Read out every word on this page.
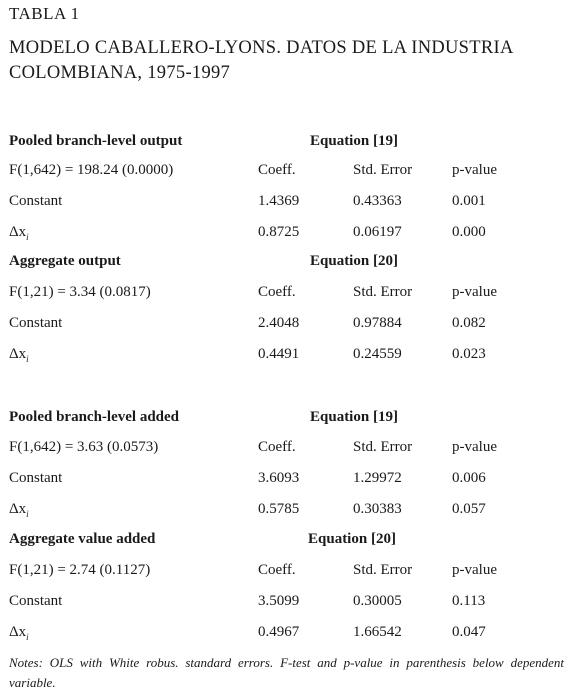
TABLA 1
MODELO CABALLERO-LYONS. DATOS DE LA INDUSTRIA
COLOMBIANA, 1975-1997
Pooled branch-level output	Equation [19]
F(1,642) = 198.24 (0.0000)	Coeff.	Std. Error	p-value
Constant	1.4369	0.43363	0.001
$\Delta x_i$	0.8725	0.06197	0.000
Aggregate output	Equation [20]
F(1,21) = 3.34 (0.0817)	Coeff.	Std. Error	p-value
Constant	2.4048	0.97884	0.082
$\Delta x_i$	0.4491	0.24559	0.023
Pooled branch-level added	Equation [19]
F(1,642) = 3.63 (0.0573)	Coeff.	Std. Error	p-value
Constant	3.6093	1.29972	0.006
$\Delta x_i$	0.5785	0.30383	0.057
Aggregate value added	Equation [20]
F(1,21) = 2.74 (0.1127)	Coeff.	Std. Error	p-value
Constant	3.5099	0.30005	0.113
$\Delta x_i$	0.4967	1.66542	0.047
Notes: OLS with White robus. standard errors. F-test and p-value in parenthesis below dependent variable.
